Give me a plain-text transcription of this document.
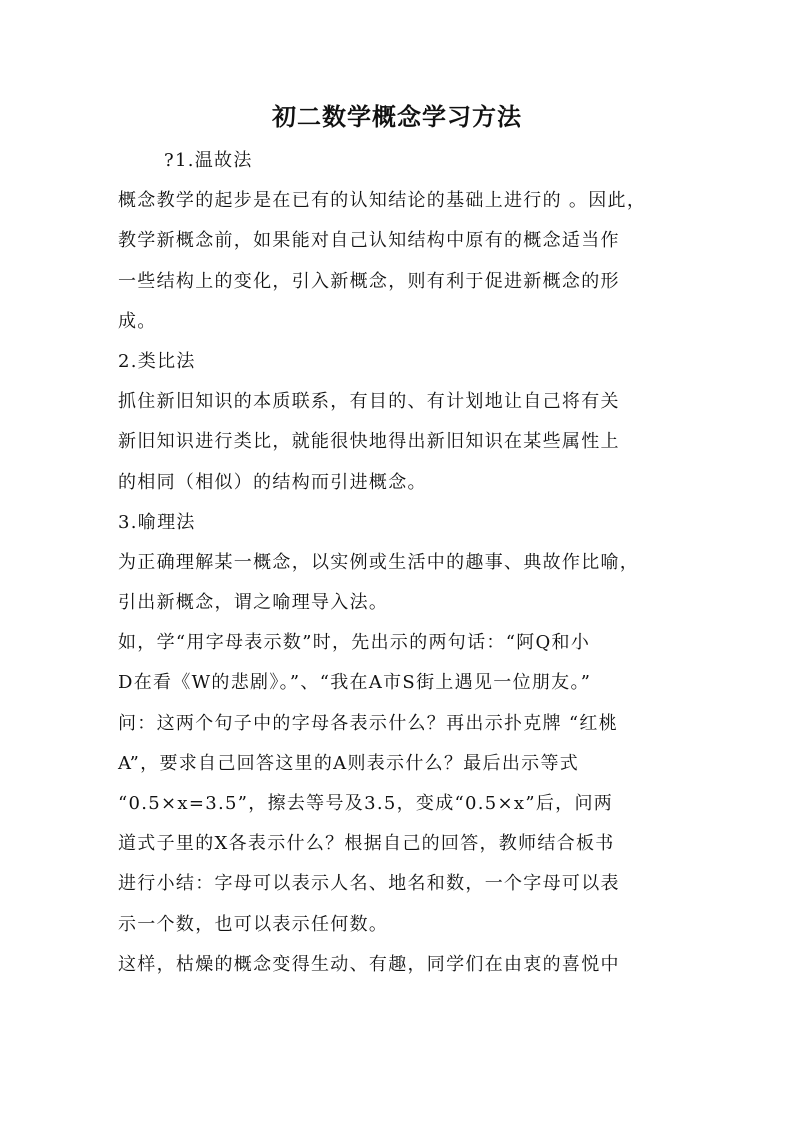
初二数学概念学习方法
?1.温故法
概念教学的起步是在已有的认知结论的基础上进行的 。因此，
教学新概念前，如果能对自己认知结构中原有的概念适当作
一些结构上的变化，引入新概念，则有利于促进新概念的形
成。
2.类比法
抓住新旧知识的本质联系，有目的、有计划地让自己将有关
新旧知识进行类比，就能很快地得出新旧知识在某些属性上
的相同（相似）的结构而引进概念。
3.喻理法
为正确理解某一概念，以实例或生活中的趣事、典故作比喻，
引出新概念，谓之喻理导入法。
如，学“用字母表示数”时，先出示的两句话：“阿Q和小
D在看《W的悲剧》。”、“我在A市S街上遇见一位朋友。”
问：这两个句子中的字母各表示什么？再出示扑克牌 “红桃
A”，要求自己回答这里的A则表示什么？最后出示等式
“0.5×x=3.5”，擦去等号及3.5，变成“0.5×x”后，问两
道式子里的X各表示什么？根据自己的回答，教师结合板书
进行小结：字母可以表示人名、地名和数，一个字母可以表
示一个数，也可以表示任何数。
这样，枯燥的概念变得生动、有趣，同学们在由衷的喜悦中
